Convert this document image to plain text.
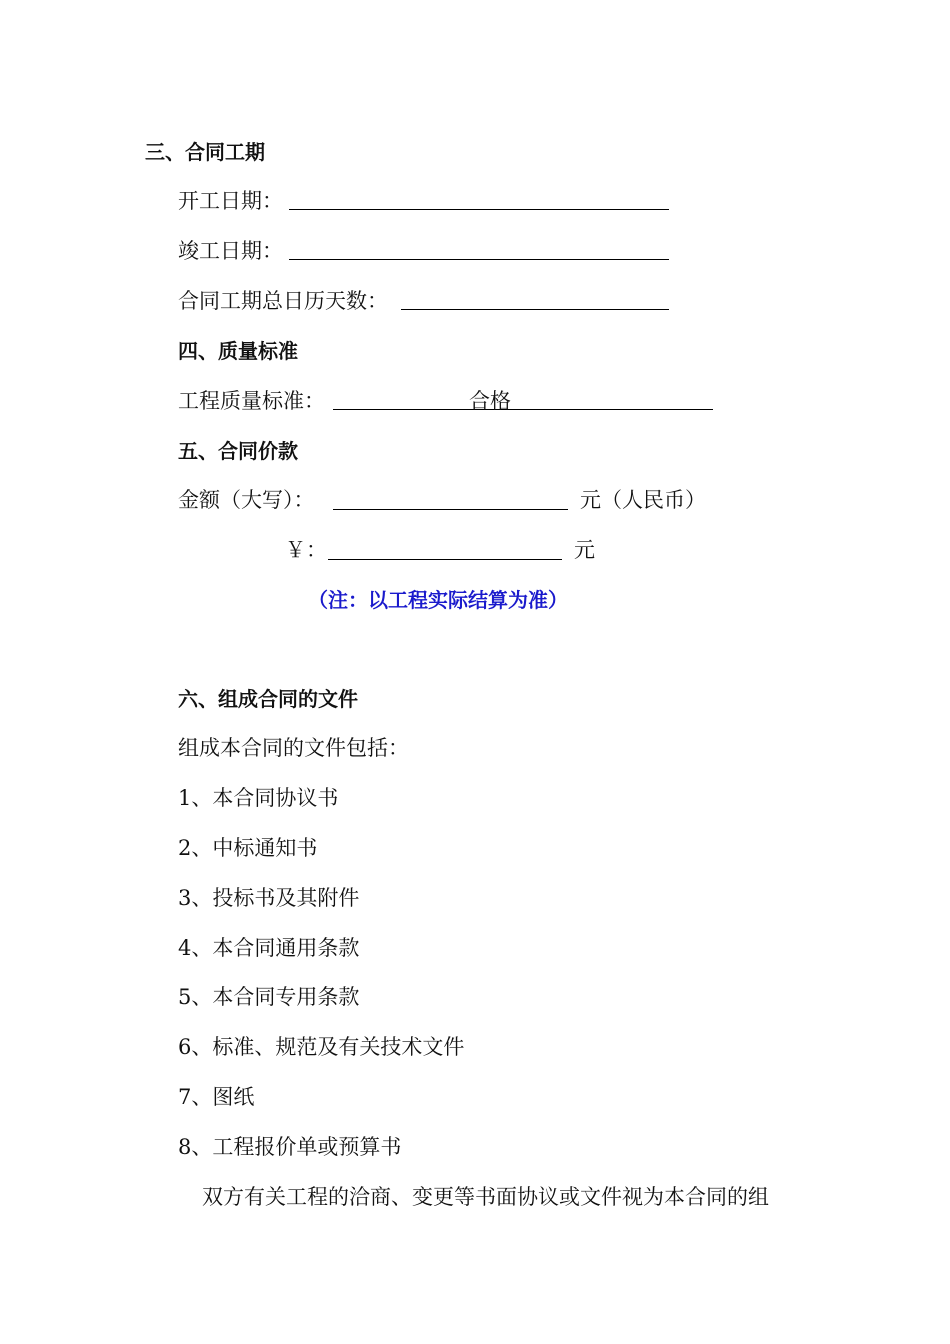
三、合同工期
开工日期：
竣工日期：
合同工期总日历天数：
四、质量标准
工程质量标准：	合格
五、合同价款
金额（大写）：	元（人民币）
￥：	元
（注：以工程实际结算为准）
六、组成合同的文件
组成本合同的文件包括：
1、本合同协议书
2、中标通知书
3、投标书及其附件
4、本合同通用条款
5、本合同专用条款
6、标准、规范及有关技术文件
7、图纸
8、工程报价单或预算书
双方有关工程的洽商、变更等书面协议或文件视为本合同的组
